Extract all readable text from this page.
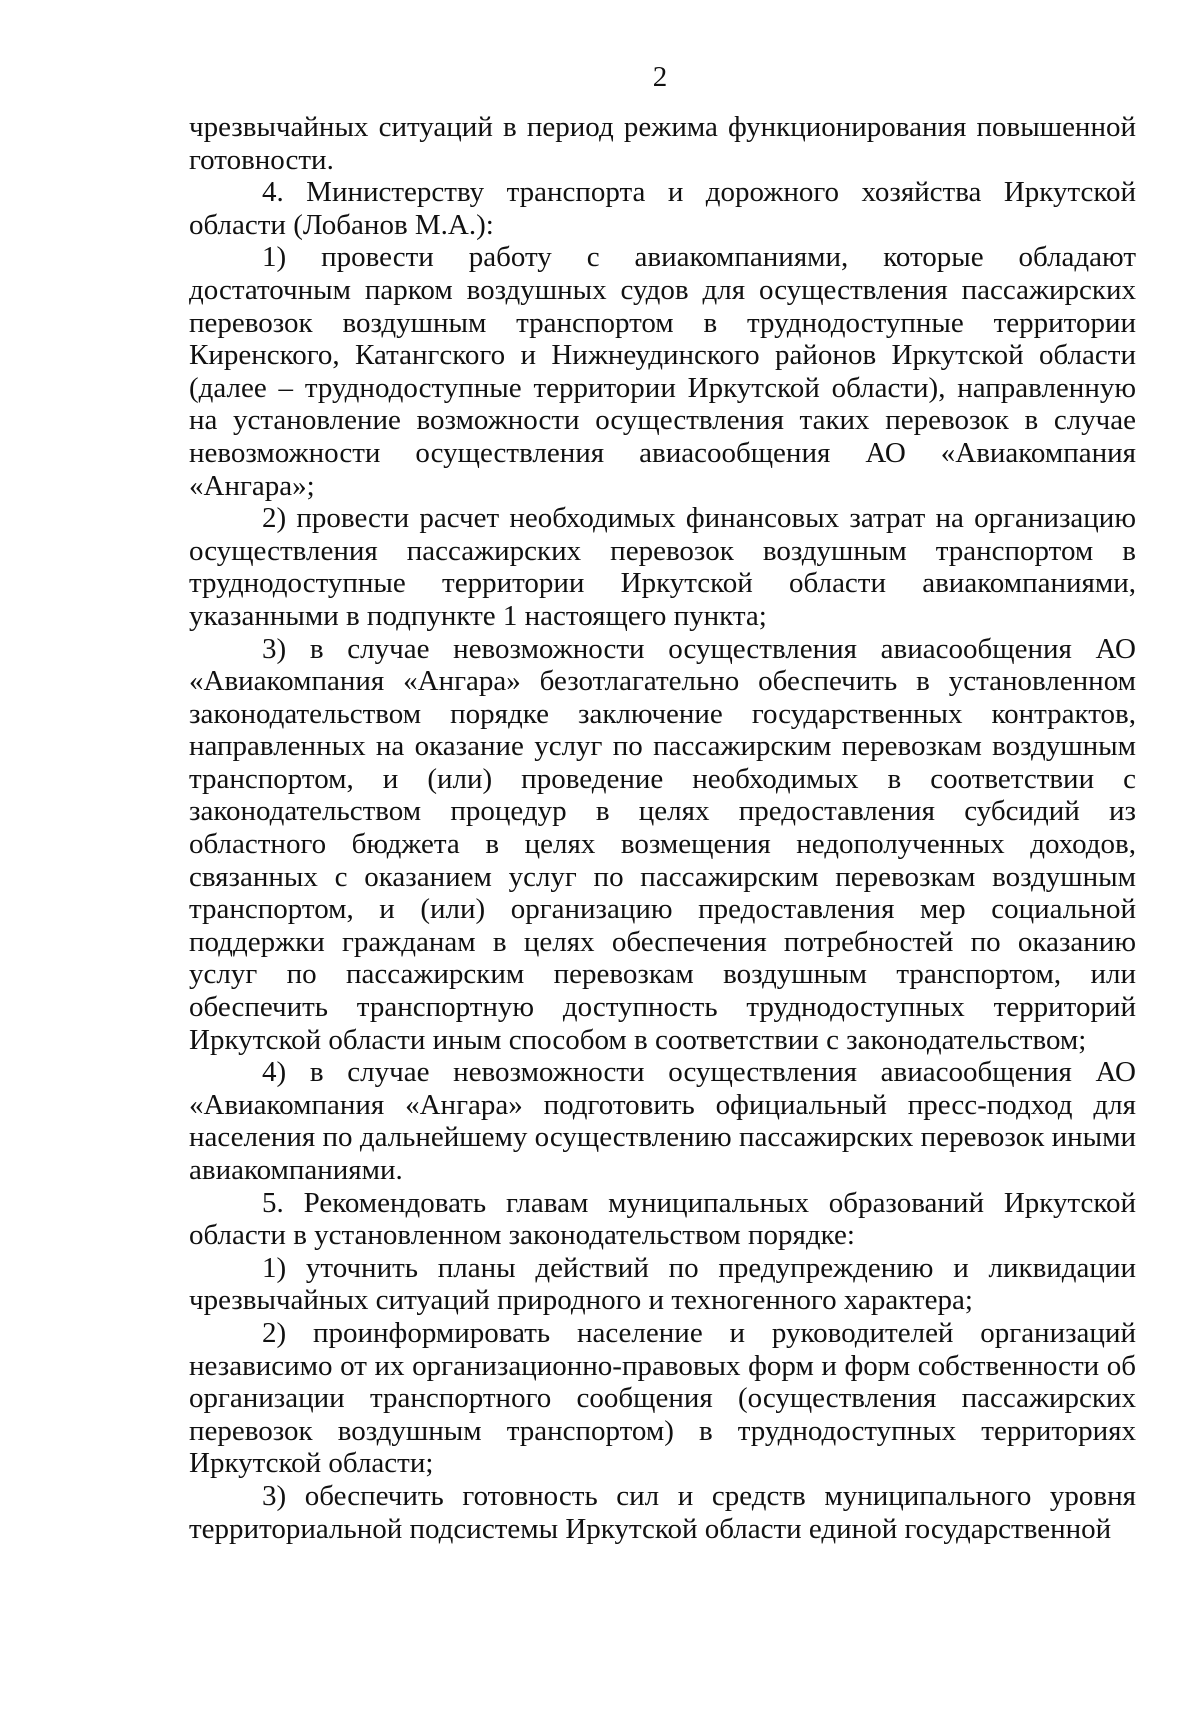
2

чрезвычайных ситуаций в период режима функционирования повышенной готовности.

4. Министерству транспорта и дорожного хозяйства Иркутской области (Лобанов М.А.):

1) провести работу с авиакомпаниями, которые обладают достаточным парком воздушных судов для осуществления пассажирских перевозок воздушным транспортом в труднодоступные территории Киренского, Катангского и Нижнеудинского районов Иркутской области (далее – труднодоступные территории Иркутской области), направленную на установление возможности осуществления таких перевозок в случае невозможности осуществления авиасообщения АО «Авиакомпания «Ангара»;

2) провести расчет необходимых финансовых затрат на организацию осуществления пассажирских перевозок воздушным транспортом в труднодоступные территории Иркутской области авиакомпаниями, указанными в подпункте 1 настоящего пункта;

3) в случае невозможности осуществления авиасообщения АО «Авиакомпания «Ангара» безотлагательно обеспечить в установленном законодательством порядке заключение государственных контрактов, направленных на оказание услуг по пассажирским перевозкам воздушным транспортом, и (или) проведение необходимых в соответствии с законодательством процедур в целях предоставления субсидий из областного бюджета в целях возмещения недополученных доходов, связанных с оказанием услуг по пассажирским перевозкам воздушным транспортом, и (или) организацию предоставления мер социальной поддержки гражданам в целях обеспечения потребностей по оказанию услуг по пассажирским перевозкам воздушным транспортом, или обеспечить транспортную доступность труднодоступных территорий Иркутской области иным способом в соответствии с законодательством;

4) в случае невозможности осуществления авиасообщения АО «Авиакомпания «Ангара» подготовить официальный пресс-подход для населения по дальнейшему осуществлению пассажирских перевозок иными авиакомпаниями.

5. Рекомендовать главам муниципальных образований Иркутской области в установленном законодательством порядке:

1) уточнить планы действий по предупреждению и ликвидации чрезвычайных ситуаций природного и техногенного характера;

2) проинформировать население и руководителей организаций независимо от их организационно-правовых форм и форм собственности об организации транспортного сообщения (осуществления пассажирских перевозок воздушным транспортом) в труднодоступных территориях Иркутской области;

3) обеспечить готовность сил и средств муниципального уровня территориальной подсистемы Иркутской области единой государственной
